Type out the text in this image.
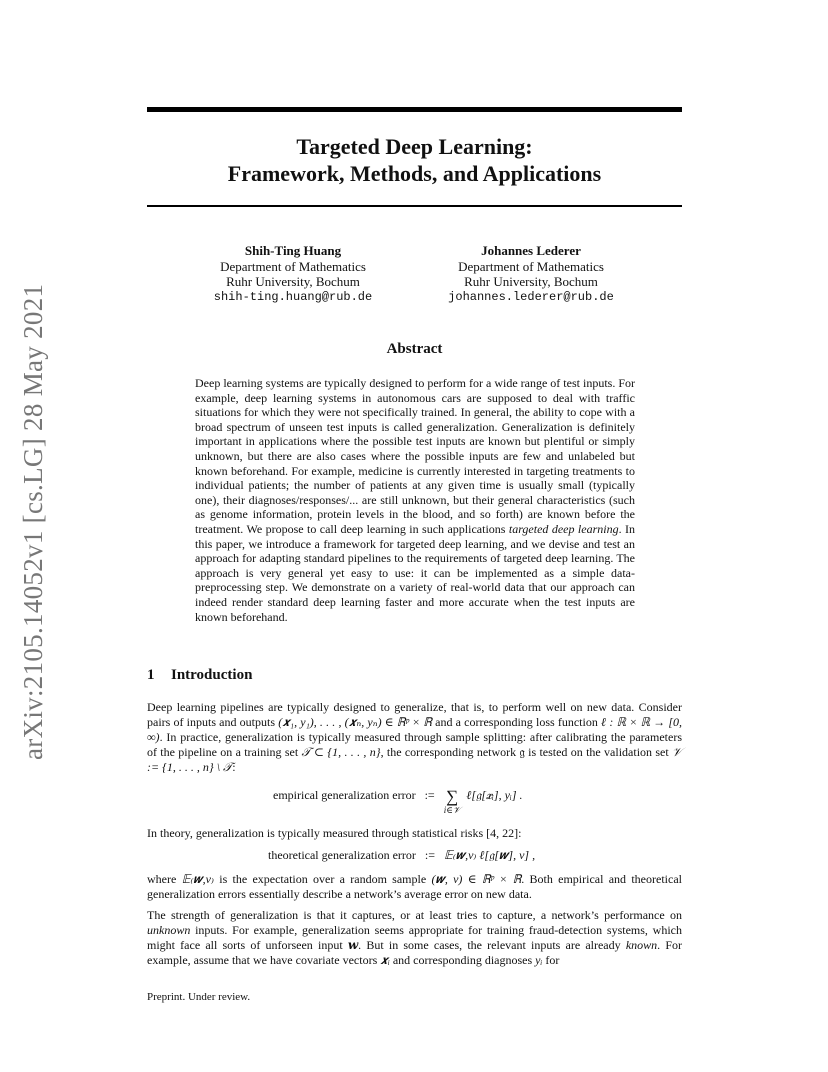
arXiv:2105.14052v1 [cs.LG] 28 May 2021
Targeted Deep Learning:
Framework, Methods, and Applications
Shih-Ting Huang
Department of Mathematics
Ruhr University, Bochum
shih-ting.huang@rub.de
Johannes Lederer
Department of Mathematics
Ruhr University, Bochum
johannes.lederer@rub.de
Abstract
Deep learning systems are typically designed to perform for a wide range of test inputs. For example, deep learning systems in autonomous cars are supposed to deal with traffic situations for which they were not specifically trained. In general, the ability to cope with a broad spectrum of unseen test inputs is called generalization. Generalization is definitely important in applications where the possible test inputs are known but plentiful or simply unknown, but there are also cases where the possible inputs are few and unlabeled but known beforehand. For example, medicine is currently interested in targeting treatments to individual patients; the number of patients at any given time is usually small (typically one), their diagnoses/responses/... are still unknown, but their general characteristics (such as genome information, protein levels in the blood, and so forth) are known before the treatment. We propose to call deep learning in such applications targeted deep learning. In this paper, we introduce a framework for targeted deep learning, and we devise and test an approach for adapting standard pipelines to the requirements of targeted deep learning. The approach is very general yet easy to use: it can be implemented as a simple data-preprocessing step. We demonstrate on a variety of real-world data that our approach can indeed render standard deep learning faster and more accurate when the test inputs are known beforehand.
1 Introduction
Deep learning pipelines are typically designed to generalize, that is, to perform well on new data. Consider pairs of inputs and outputs (𝒙₁, y₁), . . . , (𝒙ₙ, yₙ) ∈ ℝᵖ × ℝ and a corresponding loss function ℓ : ℝ × ℝ → [0, ∞). In practice, generalization is typically measured through sample splitting: after calibrating the parameters of the pipeline on a training set 𝒯 ⊂ {1, . . . , n}, the corresponding network 𝔤 is tested on the validation set 𝒱 := {1, . . . , n} \ 𝒯:
empirical generalization error := ∑
i∈𝒱
ℓ[𝔤[𝒙ᵢ], yᵢ] .
In theory, generalization is typically measured through statistical risks [4, 22]:
theoretical generalization error := 𝔼₍𝒘,v₎ ℓ[𝔤[𝒘], v] ,
where 𝔼₍𝒘,v₎ is the expectation over a random sample (𝒘, v) ∈ ℝᵖ × ℝ. Both empirical and theoretical generalization errors essentially describe a network’s average error on new data.
The strength of generalization is that it captures, or at least tries to capture, a network’s performance on unknown inputs. For example, generalization seems appropriate for training fraud-detection systems, which might face all sorts of unforseen input 𝒘. But in some cases, the relevant inputs are already known. For example, assume that we have covariate vectors 𝒙ᵢ and corresponding diagnoses yᵢ for
Preprint. Under review.
